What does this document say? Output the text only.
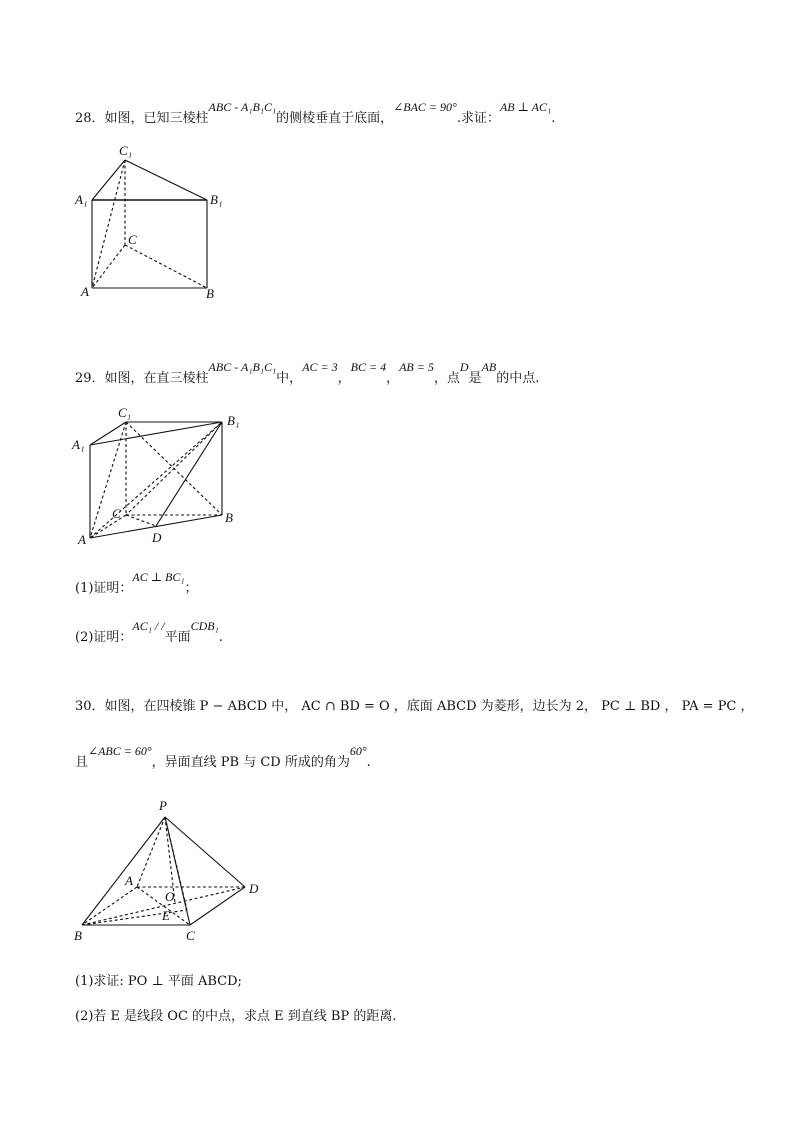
28．如图，已知三棱柱ABC - A₁B₁C₁的侧棱垂直于底面，∠BAC = 90°.求证：AB ⊥ AC₁.
C₁
A₁	B₁
C
A	B
29．如图，在直三棱柱ABC - A₁B₁C₁中，AC = 3，BC = 4，AB = 5，点D是AB的中点.
C₁
B₁
A₁
C	B
A	D
(1)证明：AC ⊥ BC₁；
(2)证明：AC₁ / /平面CDB₁.
30．如图，在四棱锥 P − ABCD 中， AC ∩ BD = O ，底面 ABCD 为菱形，边长为 2， PC ⊥ BD ， PA = PC ，
且∠ABC = 60°，异面直线 PB 与 CD 所成的角为60°.
P
A
O
D
E
B	C
(1)求证: PO ⊥ 平面 ABCD;
(2)若 E 是线段 OC 的中点，求点 E 到直线 BP 的距离.
